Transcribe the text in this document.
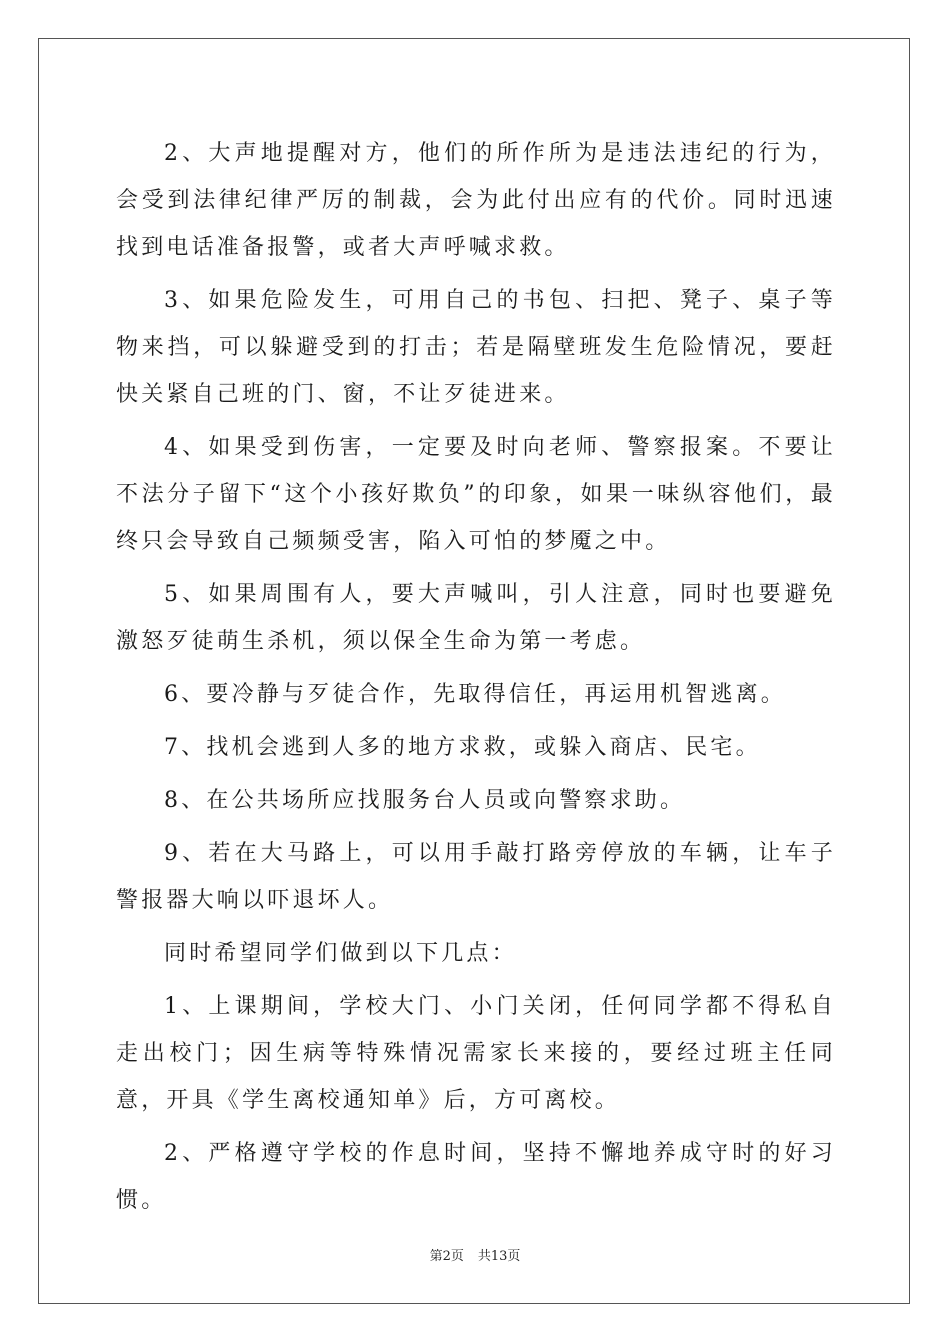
2、大声地提醒对方，他们的所作所为是违法违纪的行为，会受到法律纪律严厉的制裁，会为此付出应有的代价。同时迅速找到电话准备报警，或者大声呼喊求救。

3、如果危险发生，可用自己的书包、扫把、凳子、桌子等物来挡，可以躲避受到的打击；若是隔壁班发生危险情况，要赶快关紧自己班的门、窗，不让歹徒进来。

4、如果受到伤害，一定要及时向老师、警察报案。不要让不法分子留下“这个小孩好欺负”的印象，如果一味纵容他们，最终只会导致自己频频受害，陷入可怕的梦魇之中。

5、如果周围有人，要大声喊叫，引人注意，同时也要避免激怒歹徒萌生杀机，须以保全生命为第一考虑。

6、要冷静与歹徒合作，先取得信任，再运用机智逃离。

7、找机会逃到人多的地方求救，或躲入商店、民宅。

8、在公共场所应找服务台人员或向警察求助。

9、若在大马路上，可以用手敲打路旁停放的车辆，让车子警报器大响以吓退坏人。

同时希望同学们做到以下几点：

1、上课期间，学校大门、小门关闭，任何同学都不得私自走出校门；因生病等特殊情况需家长来接的，要经过班主任同意，开具《学生离校通知单》后，方可离校。

2、严格遵守学校的作息时间，坚持不懈地养成守时的好习惯。

第2页 共13页
